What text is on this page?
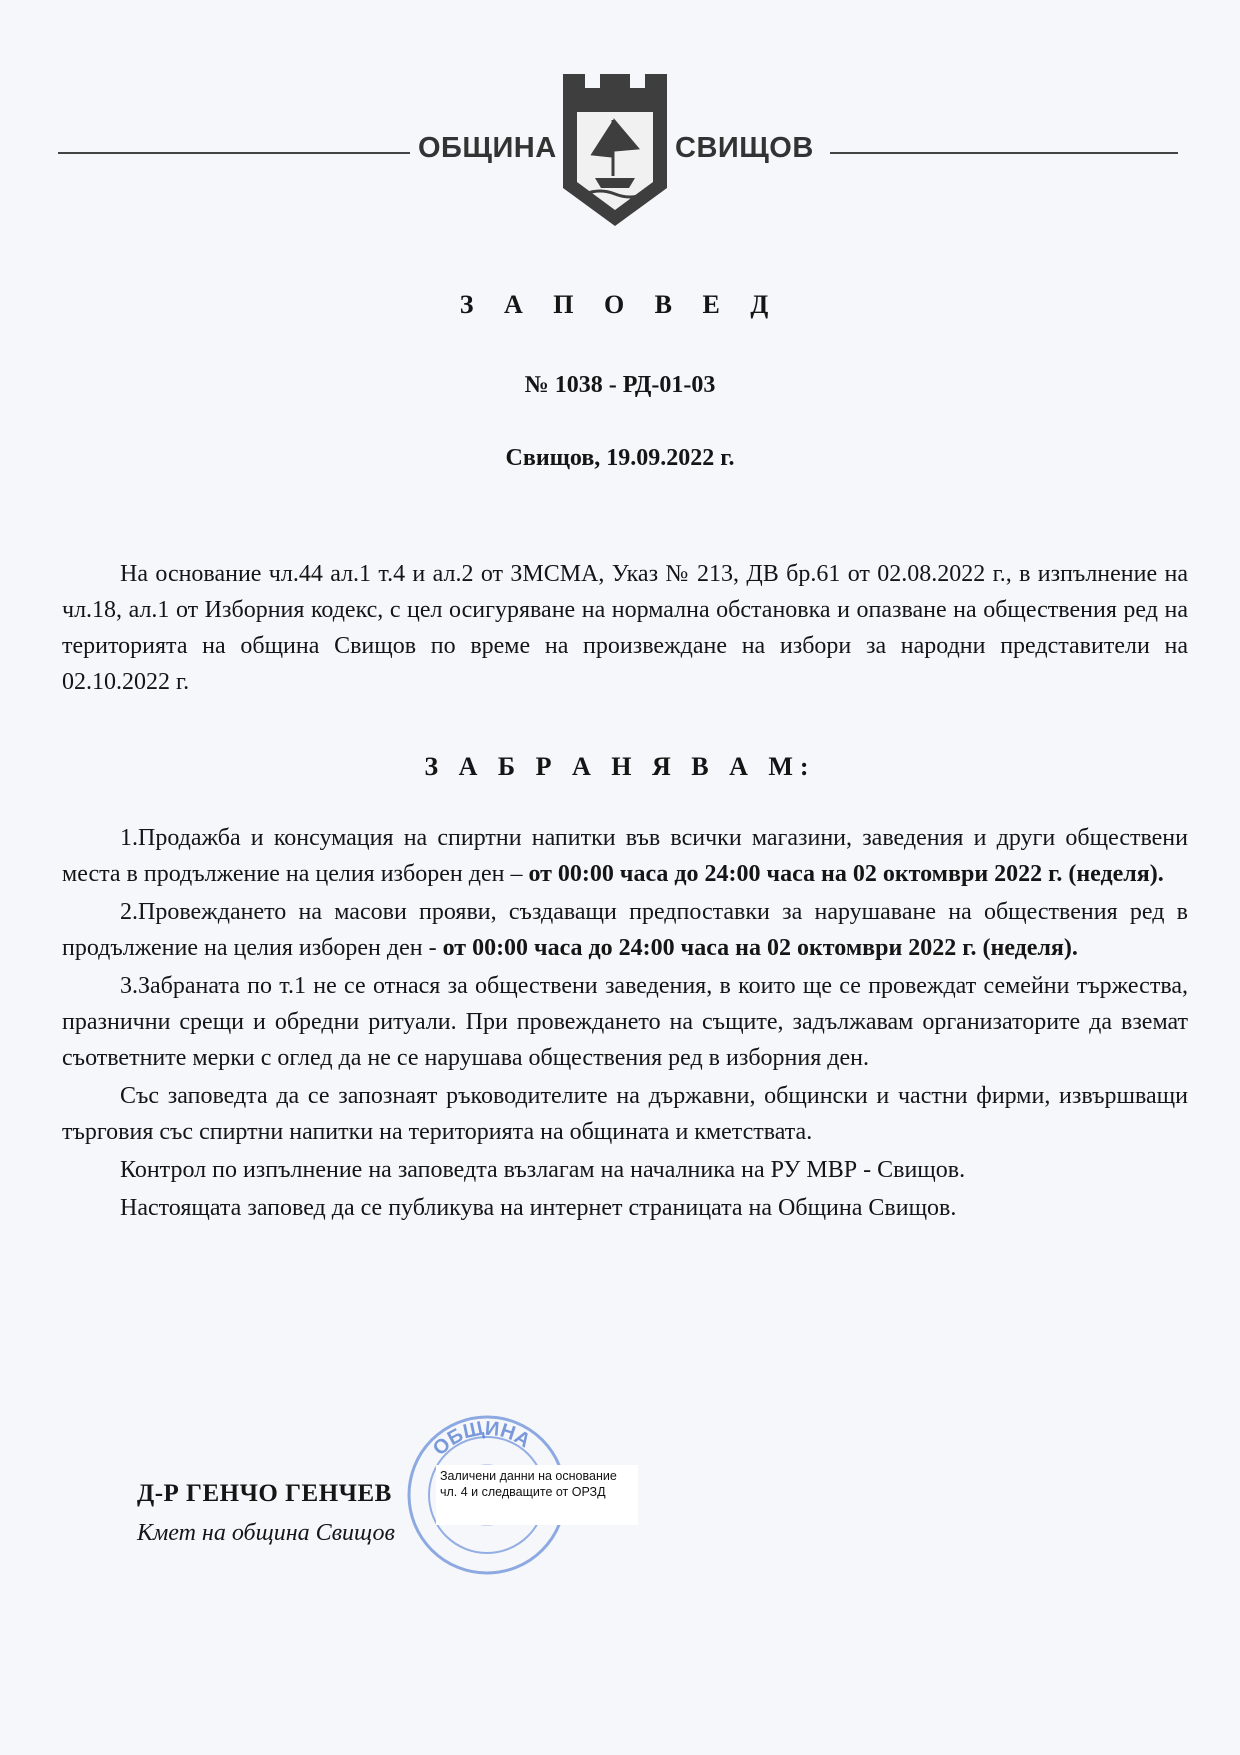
ОБЩИНА	СВИЩОВ
З А П О В Е Д
№ 1038 - РД-01-03
Свищов, 19.09.2022 г.

На основание чл.44 ал.1 т.4 и ал.2 от ЗМСМА, Указ № 213, ДВ бр.61 от 02.08.2022 г., в изпълнение на чл.18, ал.1 от Изборния кодекс, с цел осигуряване на нормална обстановка и опазване на обществения ред на територията на община Свищов по време на произвеждане на избори за народни представители на 02.10.2022 г.

З А Б Р А Н Я В А М:

1.Продажба и консумация на спиртни напитки във всички магазини, заведения и други обществени места в продължение на целия изборен ден – от 00:00 часа до 24:00 часа на 02 октомври 2022 г. (неделя).

2.Провеждането на масови прояви, създаващи предпоставки за нарушаване на обществения ред в продължение на целия изборен ден - от 00:00 часа до 24:00 часа на 02 октомври 2022 г. (неделя).

3.Забраната по т.1 не се отнася за обществени заведения, в които ще се провеждат семейни тържества, празнични срещи и обредни ритуали. При провеждането на същите, задължавам организаторите да вземат съответните мерки с оглед да не се нарушава обществения ред в изборния ден.

Със заповедта да се запознаят ръководителите на държавни, общински и частни фирми, извършващи търговия със спиртни напитки на територията на общината и кметствата.

Контрол по изпълнение на заповедта възлагам на началника на РУ МВР - Свищов.

Настоящата заповед да се публикува на интернет страницата на Община Свищов.

ОБЩИНА
Д-Р ГЕНЧО ГЕНЧЕВ
Кмет на община Свищов
Заличени данни на основание
чл. 4 и следващите от ОРЗД
